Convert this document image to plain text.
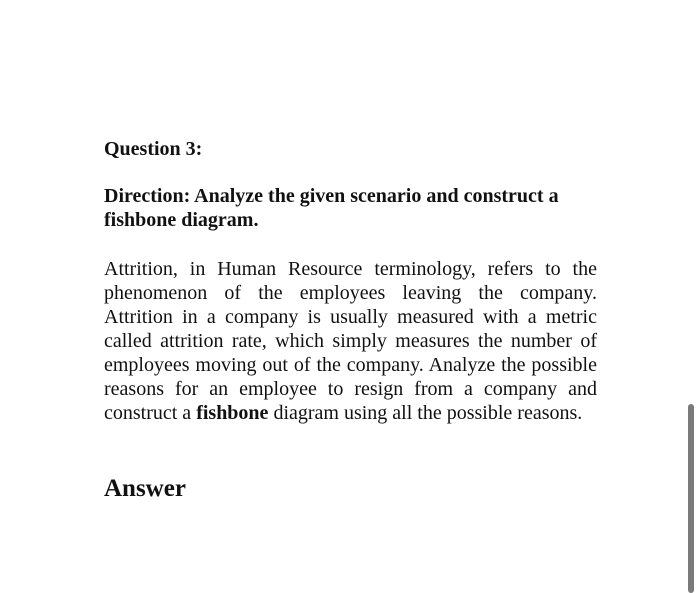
Question 3:

Direction: Analyze the given scenario and construct a fishbone diagram.

Attrition, in Human Resource terminology, refers to the phenomenon of the employees leaving the company. Attrition in a company is usually measured with a metric called attrition rate, which simply measures the number of employees moving out of the company. Analyze the possible reasons for an employee to resign from a company and construct a fishbone diagram using all the possible reasons.

Answer
